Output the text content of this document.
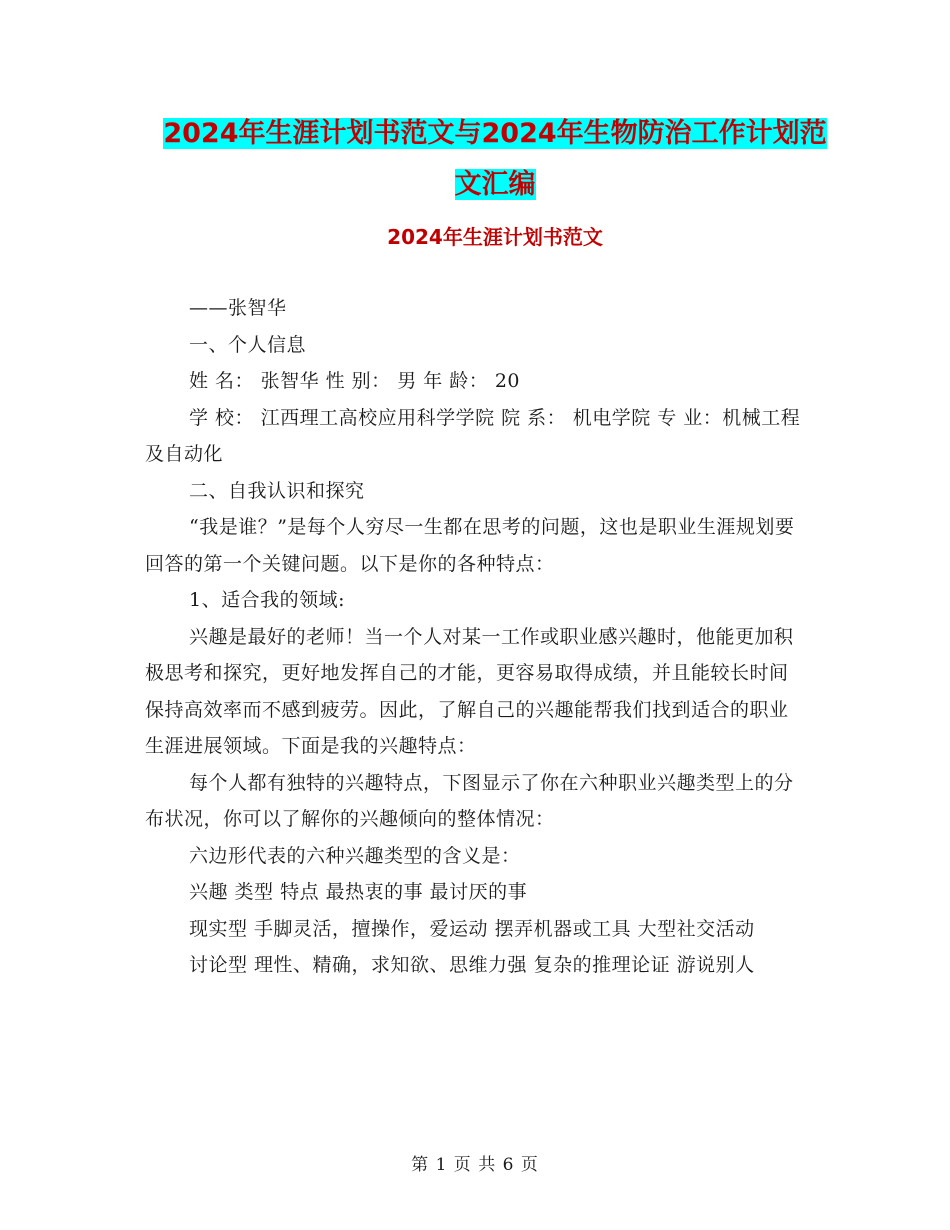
2024年生涯计划书范文与2024年生物防治工作计划范
文汇编
2024年生涯计划书范文

——张智华

一、个人信息

姓 名： 张智华 性 别： 男 年 龄： 20

学 校： 江西理工高校应用科学学院 院 系： 机电学院 专 业：机械工程及自动化

二、自我认识和探究

“我是谁？”是每个人穷尽一生都在思考的问题，这也是职业生涯规划要回答的第一个关键问题。以下是你的各种特点：

1、适合我的领域:

兴趣是最好的老师！当一个人对某一工作或职业感兴趣时，他能更加积极思考和探究，更好地发挥自己的才能，更容易取得成绩，并且能较长时间保持高效率而不感到疲劳。因此，了解自己的兴趣能帮我们找到适合的职业生涯进展领域。下面是我的兴趣特点：

每个人都有独特的兴趣特点，下图显示了你在六种职业兴趣类型上的分布状况，你可以了解你的兴趣倾向的整体情况：

六边形代表的六种兴趣类型的含义是：

兴趣 类型 特点 最热衷的事 最讨厌的事

现实型 手脚灵活，擅操作，爱运动 摆弄机器或工具 大型社交活动

讨论型 理性、精确，求知欲、思维力强 复杂的推理论证 游说别人

第 1 页 共 6 页
